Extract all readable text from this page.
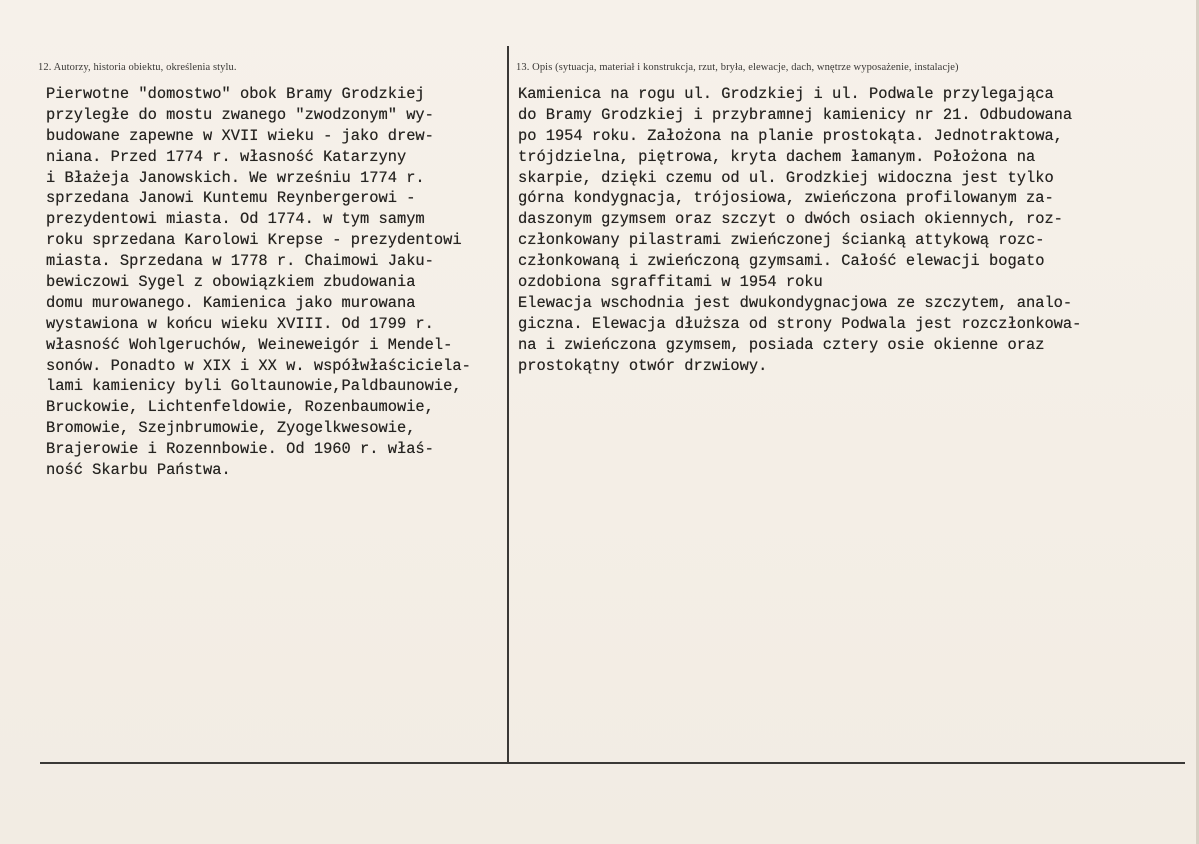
12. Autorzy, historia obiektu, określenia stylu.	13. Opis (sytuacja, materiał i konstrukcja, rzut, bryła, elewacje, dach, wnętrze wyposażenie, instalacje)
Pierwotne "domostwo" obok Bramy Grodzkiej
przyległe do mostu zwanego "zwodzonym" wy-
budowane zapewne w XVII wieku - jako drew-
niana. Przed 1774 r. własność Katarzyny
i Błażeja Janowskich. We wrześniu 1774 r.
sprzedana Janowi Kuntemu Reynbergerowi -
prezydentowi miasta. Od 1774. w tym samym
roku sprzedana Karolowi Krepse - prezydentowi
miasta. Sprzedana w 1778 r. Chaimowi Jaku-
bewiczowi Sygel z obowiązkiem zbudowania
domu murowanego. Kamienica jako murowana
wystawiona w końcu wieku XVIII. Od 1799 r.
własność Wohlgeruchów, Weineweigór i Mendel-
sonów. Ponadto w XIX i XX w. współwłaściciela-
lami kamienicy byli Goltaunowie,Paldbaunowie,
Bruckowie, Lichtenfeldowie, Rozenbaumowie,
Bromowie, Szejnbrumowie, Zyogelkwesowie,
Brajerowie i Rozennbowie. Od 1960 r. właś-
ność Skarbu Państwa.
Kamienica na rogu ul. Grodzkiej i ul. Podwale przylegająca
do Bramy Grodzkiej i przybramnej kamienicy nr 21. Odbudowana
po 1954 roku. Założona na planie prostokąta. Jednotraktowa,
trójdzielna, piętrowa, kryta dachem łamanym. Położona na
skarpie, dzięki czemu od ul. Grodzkiej widoczna jest tylko
górna kondygnacja, trójosiowa, zwieńczona profilowanym za-
daszonym gzymsem oraz szczyt o dwóch osiach okiennych, roz-
członkowany pilastrami zwieńczonej ścianką attykową rozc-
członkowaną i zwieńczoną gzymsami. Całość elewacji bogato
ozdobiona sgraffitami w 1954 roku
Elewacja wschodnia jest dwukondygnacjowa ze szczytem, analo-
giczna. Elewacja dłuższa od strony Podwala jest rozczłonkowa-
na i zwieńczona gzymsem, posiada cztery osie okienne oraz
prostokątny otwór drzwiowy.
